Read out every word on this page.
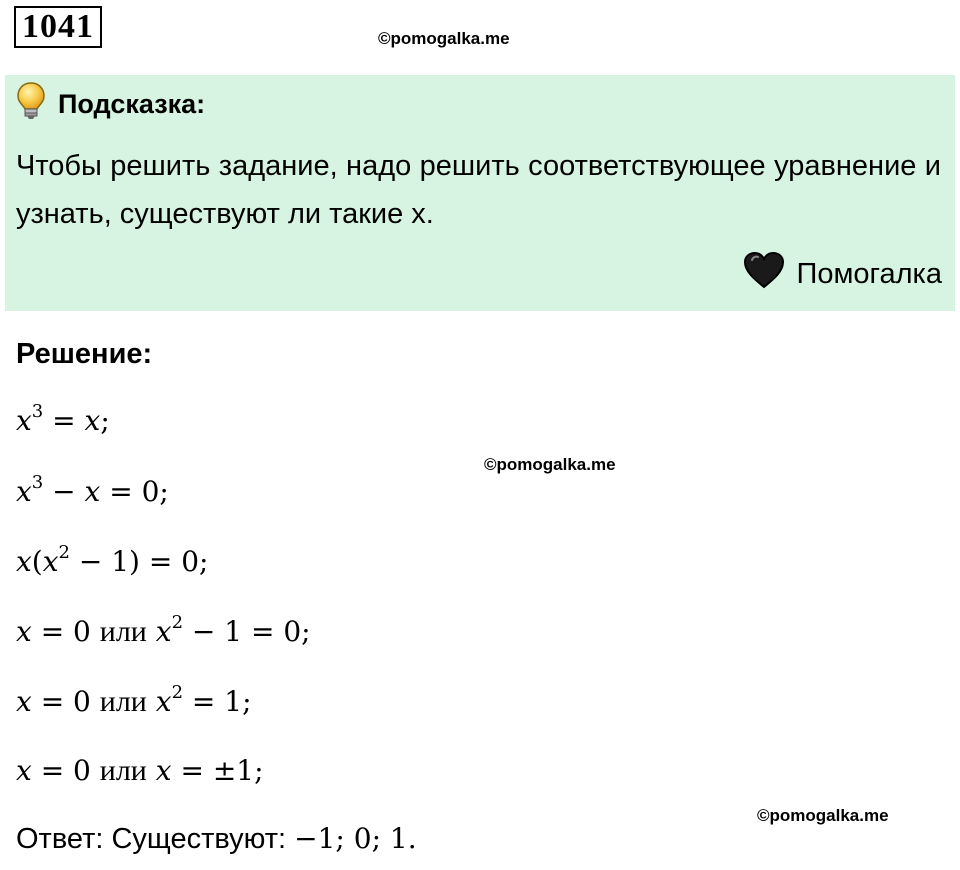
1041	©pomogalka.me
Подсказка:
Чтобы решить задание, надо решить соответствующее уравнение и узнать, существуют ли такие x.
Помогалка
Решение:
©pomogalka.me
$x^3 = x$;
$x^3 - x = 0$;
$x(x^2 - 1) = 0$;
x = 0 или $x^2 - 1 = 0$;
x = 0 или $x^2 = 1$;
x = 0 или x = ±1;
©pomogalka.me
Ответ: Существуют: −1; 0; 1.
